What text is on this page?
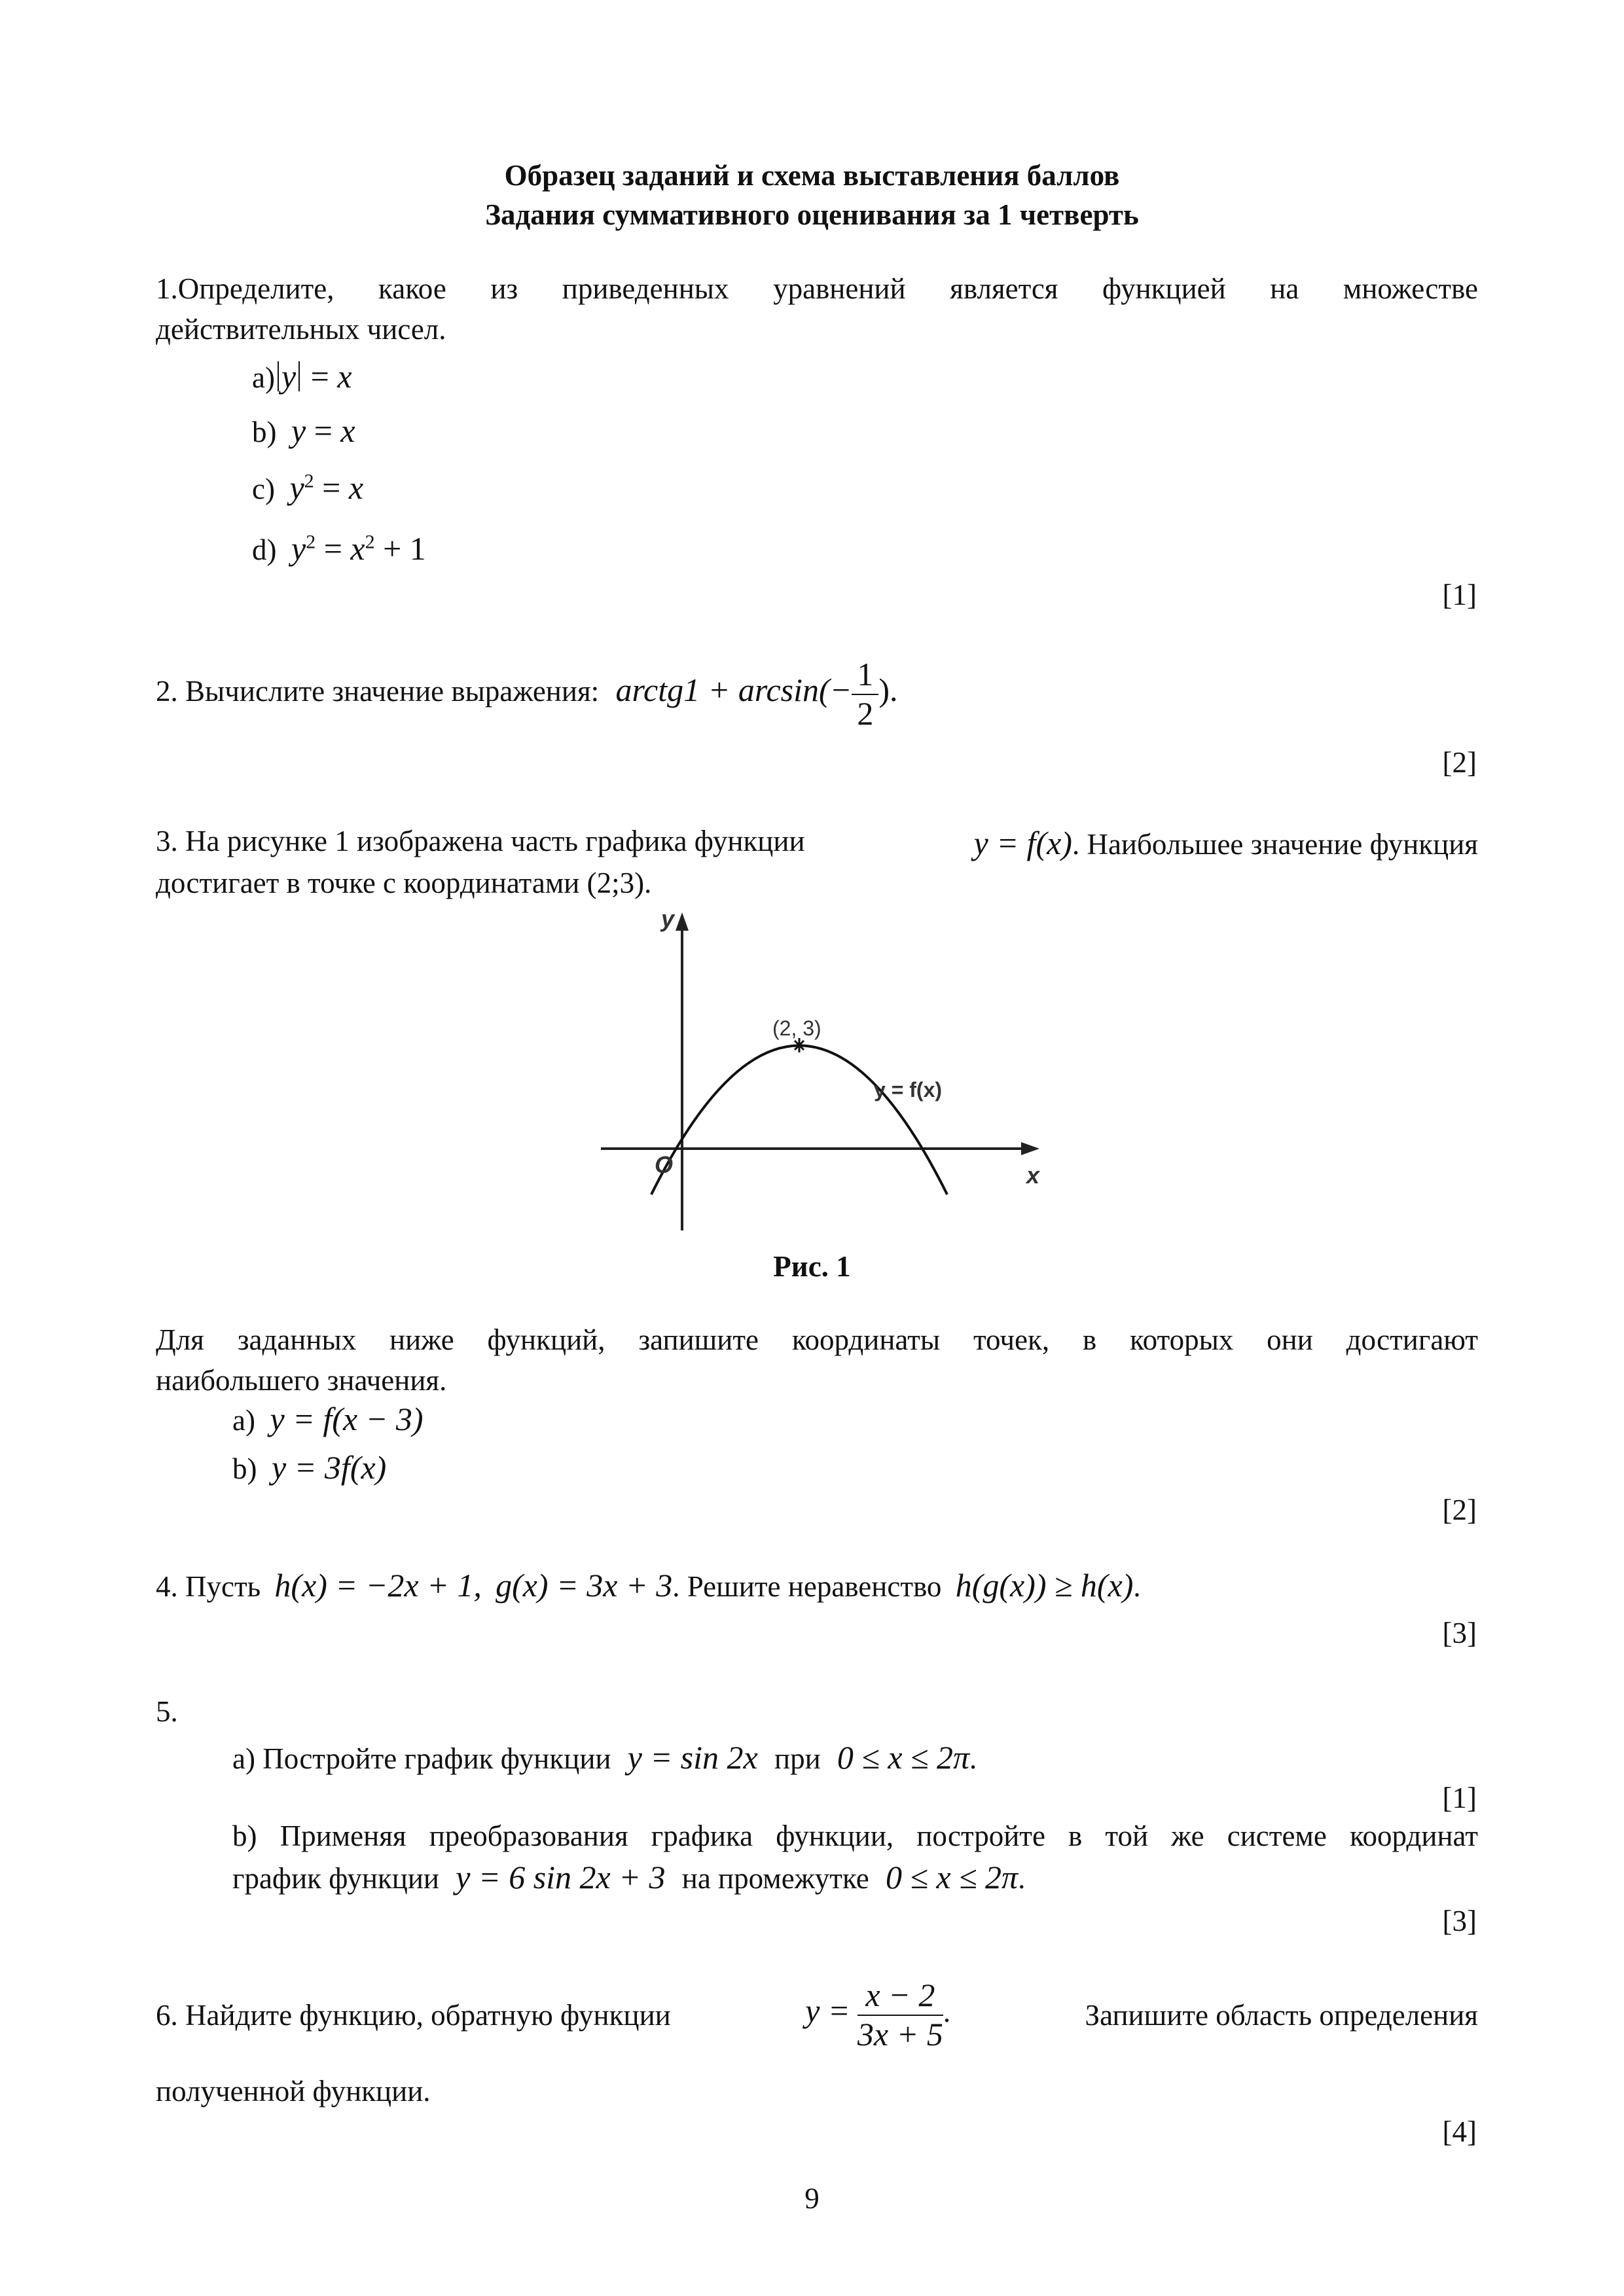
Образец заданий и схема выставления баллов
Задания суммативного оценивания за 1 четверть
1.Определите, какое из приведенных уравнений является функцией на множестве
действительных чисел.
a) y = x
b) y = x
c) $y^2 = x$
d) $y^2 = x^2 + 1$
[1]
2. Вычислите значение выражения: arctg1 + $\arcsin(- \frac{1}{2}$ ).
[2]
3. На рисунке 1 изображена часть графика функции	y = f(x). Наибольшее значение функция
достигает в точке с координатами (2;3).
y
x
O
(2, 3)
y = f(x)
Рис. 1
Для заданных ниже функций, запишите координаты точек, в которых они достигают
наибольшего значения.
a) y = f(x − 3)
b) y = 3f(x)
[2]
4. Пусть h(x) = −2x + 1, g(x) = 3x + 3. Решите неравенство h(g(x)) ≥ h(x).
[3]
5.
a) Постройте график функции y = sin 2x при 0 ≤ x ≤ 2π.
[1]
b) Применяя преобразования графика функции, постройте в той же системе координат
график функции y = 6 sin 2x + 3 на промежутке 0 ≤ x ≤ 2π.
[3]
6. Найдите функцию, обратную функции	$y = \frac{x - 2}{3x + 5}$ .	Запишите область определения
полученной функции.
[4]
9
